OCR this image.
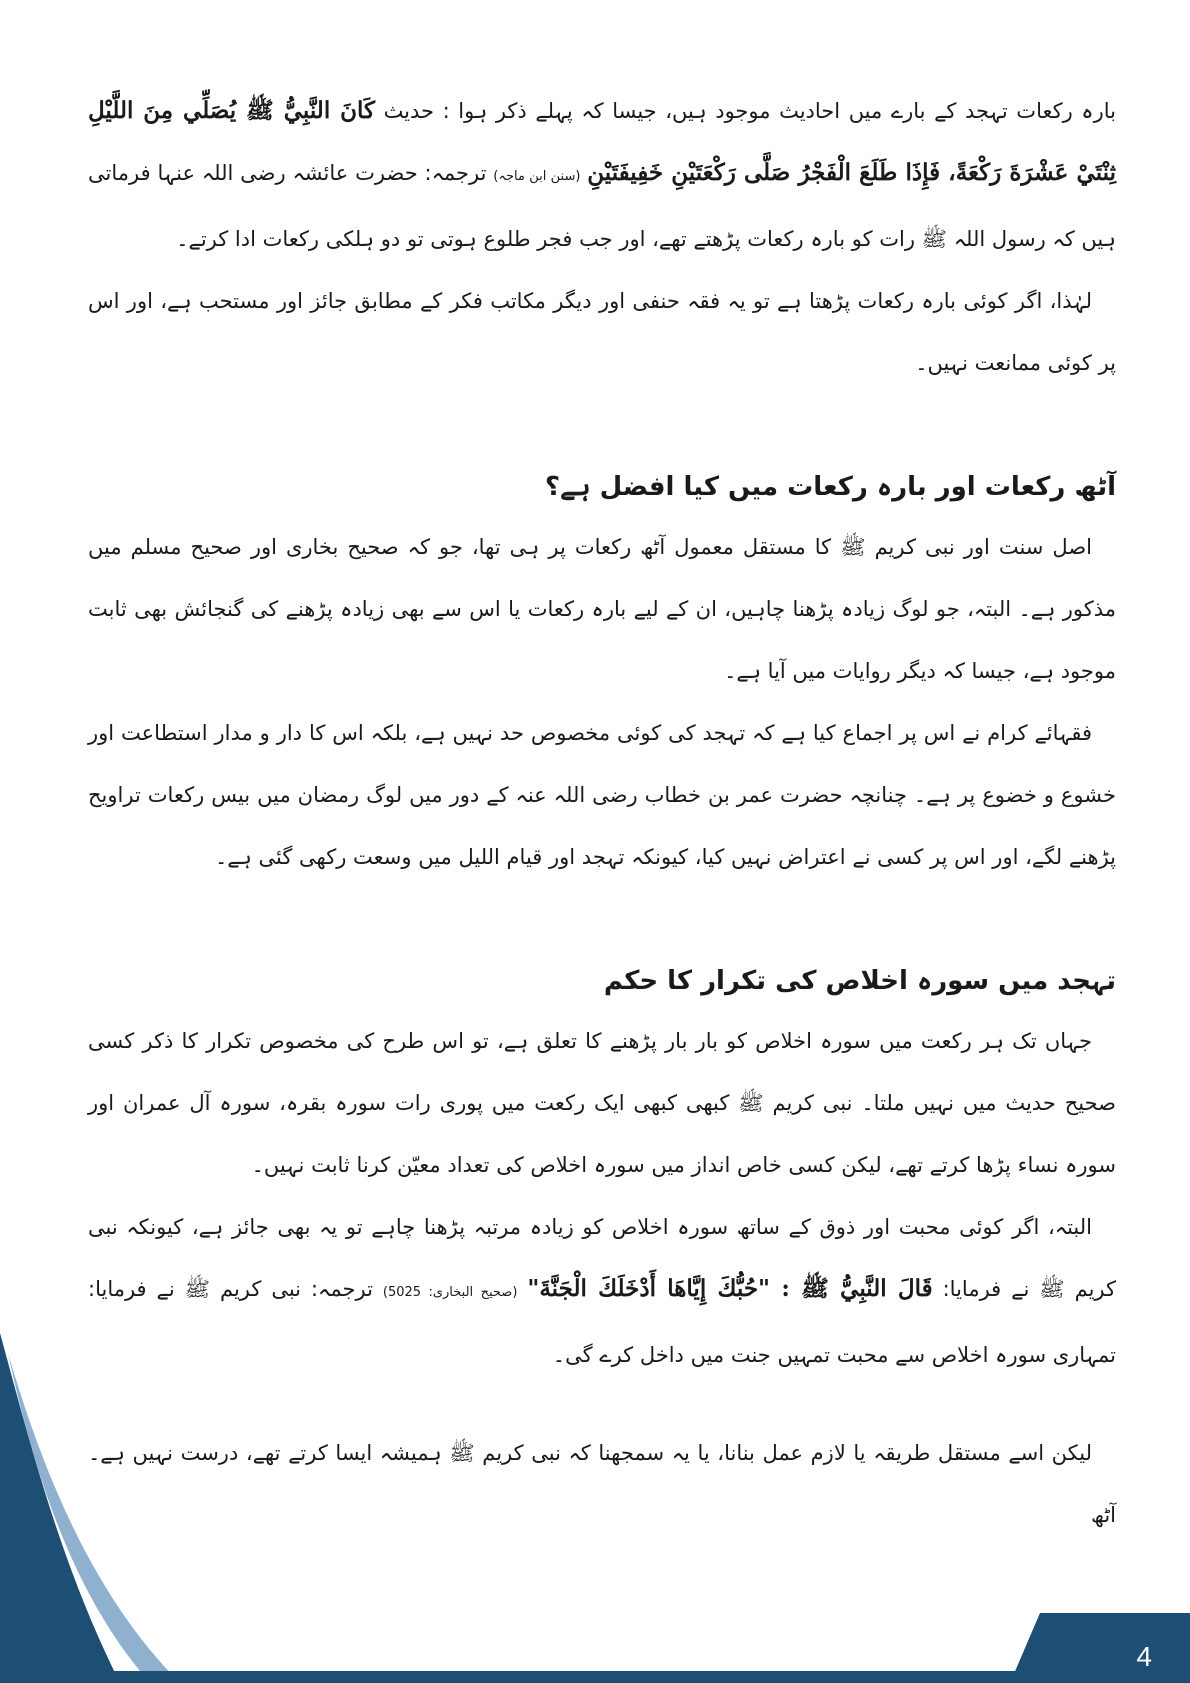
بارہ رکعات تہجد کے بارے میں احادیث موجود ہیں، جیسا کہ پہلے ذکر ہوا : حدیث كَانَ النَّبِيُّ ﷺ يُصَلِّي مِنَ اللَّيْلِ ثِنْتَيْ عَشْرَةَ رَكْعَةً، فَإِذَا طَلَعَ الْفَجْرُ صَلَّى رَكْعَتَيْنِ خَفِيفَتَيْنِ (سنن ابن ماجہ) ترجمہ: حضرت عائشہ رضی اللہ عنہا فرماتی ہیں کہ رسول اللہ ﷺ رات کو بارہ رکعات پڑھتے تھے، اور جب فجر طلوع ہوتی تو دو ہلکی رکعات ادا کرتے۔

لہٰذا، اگر کوئی بارہ رکعات پڑھتا ہے تو یہ فقہ حنفی اور دیگر مکاتب فکر کے مطابق جائز اور مستحب ہے، اور اس پر کوئی ممانعت نہیں۔

آٹھ رکعات اور بارہ رکعات میں کیا افضل ہے؟

اصل سنت اور نبی کریم ﷺ کا مستقل معمول آٹھ رکعات پر ہی تھا، جو کہ صحیح بخاری اور صحیح مسلم میں مذکور ہے۔ البتہ، جو لوگ زیادہ پڑھنا چاہیں، ان کے لیے بارہ رکعات یا اس سے بھی زیادہ پڑھنے کی گنجائش بھی ثابت موجود ہے، جیسا کہ دیگر روایات میں آیا ہے۔

فقہائے کرام نے اس پر اجماع کیا ہے کہ تہجد کی کوئی مخصوص حد نہیں ہے، بلکہ اس کا دار و مدار استطاعت اور خشوع و خضوع پر ہے۔ چنانچہ حضرت عمر بن خطاب رضی اللہ عنہ کے دور میں لوگ رمضان میں بیس رکعات تراویح پڑھنے لگے، اور اس پر کسی نے اعتراض نہیں کیا، کیونکہ تہجد اور قیام اللیل میں وسعت رکھی گئی ہے۔

تہجد میں سورہ اخلاص کی تکرار کا حکم

جہاں تک ہر رکعت میں سورہ اخلاص کو بار بار پڑھنے کا تعلق ہے، تو اس طرح کی مخصوص تکرار کا ذکر کسی صحیح حدیث میں نہیں ملتا۔ نبی کریم ﷺ کبھی کبھی ایک رکعت میں پوری رات سورہ بقرہ، سورہ آل عمران اور سورہ نساء پڑھا کرتے تھے، لیکن کسی خاص انداز میں سورہ اخلاص کی تعداد معیّن کرنا ثابت نہیں۔

البتہ، اگر کوئی محبت اور ذوق کے ساتھ سورہ اخلاص کو زیادہ مرتبہ پڑھنا چاہے تو یہ بھی جائز ہے، کیونکہ نبی کریم ﷺ نے فرمایا: قَالَ النَّبِيُّ ﷺ : "حُبُّكَ إِيَّاهَا أَدْخَلَكَ الْجَنَّةَ" (صحیح البخاری: 5025) ترجمہ: نبی کریم ﷺ نے فرمایا: تمہاری سورہ اخلاص سے محبت تمہیں جنت میں داخل کرے گی۔

لیکن اسے مستقل طریقہ یا لازم عمل بنانا، یا یہ سمجھنا کہ نبی کریم ﷺ ہمیشہ ایسا کرتے تھے، درست نہیں ہے۔ آٹھ

4
